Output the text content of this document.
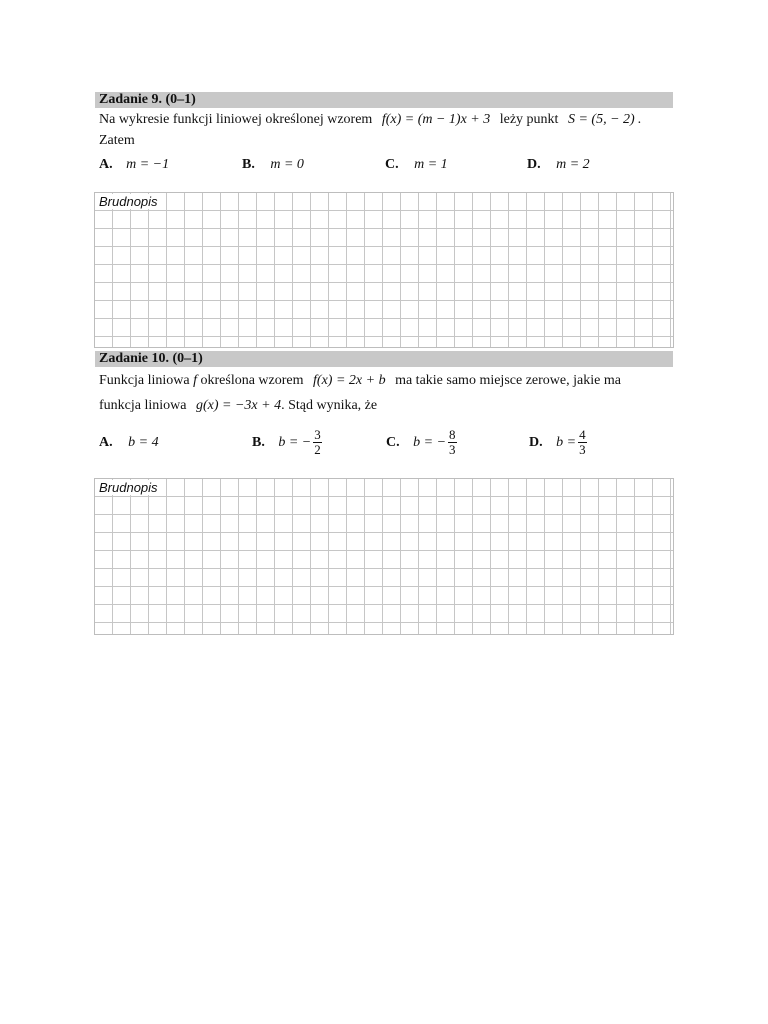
Zadanie 9. (0–1)
Na wykresie funkcji liniowej określonej wzorem f(x) = (m − 1)x + 3 leży punkt S = (5, − 2) .
Zatem
A. m = −1	B. m = 0	C. m = 1	D. m = 2
Brudnopis
Zadanie 10. (0–1)
Funkcja liniowa f określona wzorem f(x) = 2x + b ma takie samo miejsce zerowe, jakie ma
funkcja liniowa g(x) = −3x + 4. Stąd wynika, że
A. b = 4	B. b = − $\frac{3}{2}$	C. b = − $\frac{8}{3}$	D. $b = \frac{4}{3}$
Brudnopis
